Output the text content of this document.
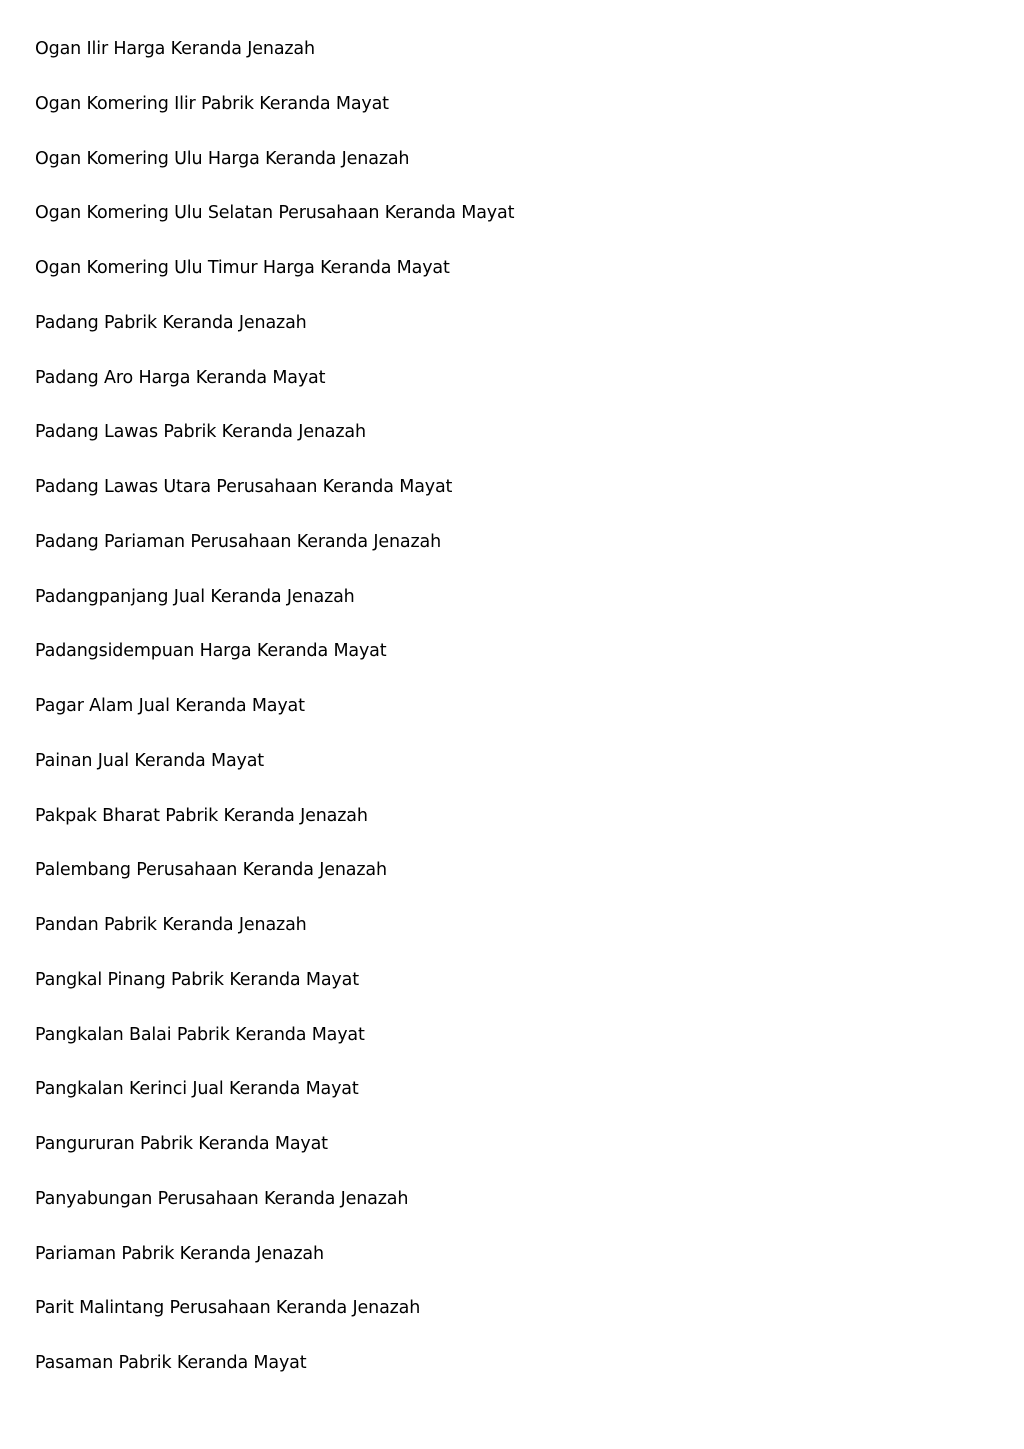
Ogan Ilir Harga Keranda Jenazah
Ogan Komering Ilir Pabrik Keranda Mayat
Ogan Komering Ulu Harga Keranda Jenazah
Ogan Komering Ulu Selatan Perusahaan Keranda Mayat
Ogan Komering Ulu Timur Harga Keranda Mayat
Padang Pabrik Keranda Jenazah
Padang Aro Harga Keranda Mayat
Padang Lawas Pabrik Keranda Jenazah
Padang Lawas Utara Perusahaan Keranda Mayat
Padang Pariaman Perusahaan Keranda Jenazah
Padangpanjang Jual Keranda Jenazah
Padangsidempuan Harga Keranda Mayat
Pagar Alam Jual Keranda Mayat
Painan Jual Keranda Mayat
Pakpak Bharat Pabrik Keranda Jenazah
Palembang Perusahaan Keranda Jenazah
Pandan Pabrik Keranda Jenazah
Pangkal Pinang Pabrik Keranda Mayat
Pangkalan Balai Pabrik Keranda Mayat
Pangkalan Kerinci Jual Keranda Mayat
Pangururan Pabrik Keranda Mayat
Panyabungan Perusahaan Keranda Jenazah
Pariaman Pabrik Keranda Jenazah
Parit Malintang Perusahaan Keranda Jenazah
Pasaman Pabrik Keranda Mayat
